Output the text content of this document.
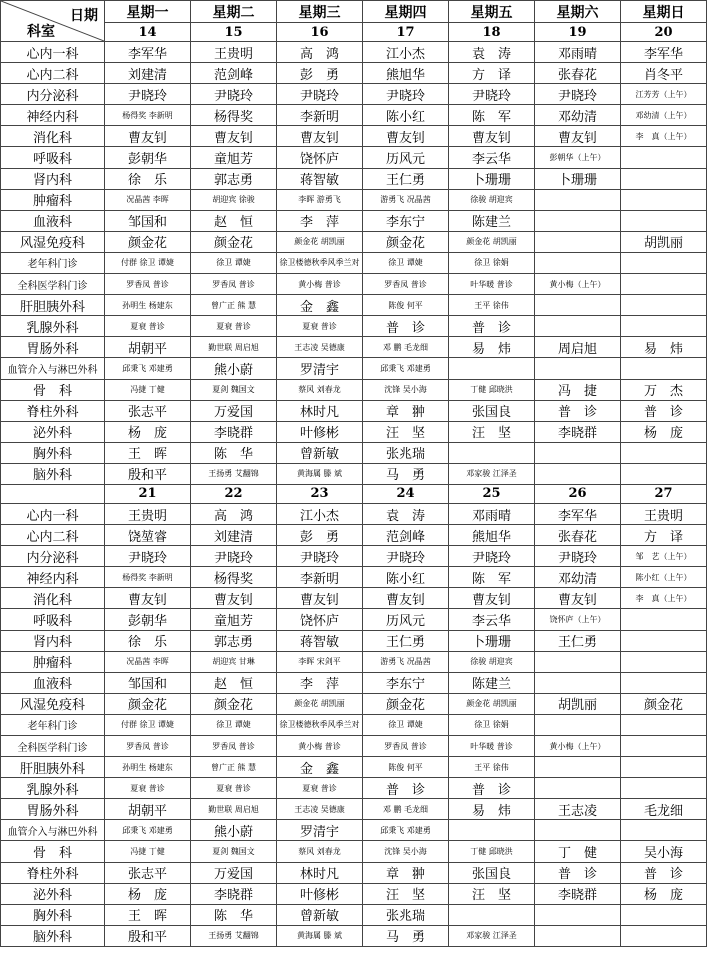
日期
科室	星期一	星期二	星期三	星期四	星期五	星期六	星期日
	14	15	16	17	18	19	20
心内一科	李军华	王贵明	高　鸿	江小杰	袁　涛	邓雨晴	李军华
心内二科	刘建清	范剑峰	彭　勇	熊旭华	方　译	张春花	肖冬平
内分泌科	尹晓玲	尹晓玲	尹晓玲	尹晓玲	尹晓玲	尹晓玲	江芳芳（上午）
神经内科	杨得奖 李新明	杨得奖	李新明	陈小红	陈　军	邓幼清	邓幼清（上午）
消化科	曹友钊	曹友钊	曹友钊	曹友钊	曹友钊	曹友钊	李　真（上午）
呼吸科	彭朝华	童旭芳	饶怀庐	历风元	李云华	彭朝华（上午）	
肾内科	徐　乐	郭志勇	蒋智敏	王仁勇	卜珊珊	卜珊珊	
肿瘤科	况晶茜 李晖	胡迎宾 徐骏	李晖 游勇飞	游勇飞 况晶茜	徐骏 胡迎宾		
血液科	邹国和	赵　恒	李　萍	李东宁	陈建兰		
风湿免疫科	颜金花	颜金花	颜金花 胡凯丽	颜金花	颜金花 胡凯丽		胡凯丽
老年科门诊	付群 徐卫 谭婕	徐卫 谭婕	徐卫楼德秋季风季兰对	徐卫 谭婕	徐卫 徐娟		
全科医学科门诊	罗香凤 普诊	罗香凤 普诊	黄小梅 普诊	罗香凤 普诊	叶华暖 普诊	黄小梅（上午）	
肝胆胰外科	孙明生 杨建东	曾广正 熊 慧	金　鑫	陈俊 何平	王平 徐伟		
乳腺外科	夏衰 普诊	夏衰 普诊	夏衰 普诊	普　诊	普　诊		
胃肠外科	胡朝平	勤世联 周启旭	王志凌 吴德康	邓 鹏 毛龙细	易　炜	周启旭	易　炜
血管介入与淋巴外科	邱秉飞 邓建勇	熊小蔚	罗清宇	邱秉飞 邓建勇			
骨　科	冯捷 丁健	夏剑 魏国文	蔡风 刘春龙	沈锋 吴小海	丁健 邱晓洪	冯　捷	万　杰
脊柱外科	张志平	万爱国	林时凡	章　翀	张国良	普　诊	普　诊
泌外科	杨　庞	李晓群	叶修彬	汪　坚	汪　坚	李晓群	杨　庞
胸外科	王　晖	陈　华	曾新敏	张兆瑞			
脑外科	殷和平	王扬勇 艾翻锦	黄海属 滕 斌	马　勇	邓家骏 江泽圣		
	21	22	23	24	25	26	27
心内一科	王贵明	高　鸿	江小杰	袁　涛	邓雨晴	李军华	王贵明
心内二科	饶堃睿	刘建清	彭　勇	范剑峰	熊旭华	张春花	方　译
内分泌科	尹晓玲	尹晓玲	尹晓玲	尹晓玲	尹晓玲	尹晓玲	邹　艺（上午）
神经内科	杨得奖 李新明	杨得奖	李新明	陈小红	陈　军	邓幼清	陈小红（上午）
消化科	曹友钊	曹友钊	曹友钊	曹友钊	曹友钊	曹友钊	李　真（上午）
呼吸科	彭朝华	童旭芳	饶怀庐	历风元	李云华	饶怀庐（上午）	
肾内科	徐　乐	郭志勇	蒋智敏	王仁勇	卜珊珊	王仁勇	
肿瘤科	况晶茜 李晖	胡迎宾 甘琳	李晖 宋剑平	游勇飞 况晶茜	徐骏 胡迎宾		
血液科	邹国和	赵　恒	李　萍	李东宁	陈建兰		
风湿免疫科	颜金花	颜金花	颜金花 胡凯丽	颜金花	颜金花 胡凯丽	胡凯丽	颜金花
老年科门诊	付群 徐卫 谭婕	徐卫 谭婕	徐卫楼德秋季风季兰对	徐卫 谭婕	徐卫 徐娟		
全科医学科门诊	罗香凤 普诊	罗香凤 普诊	黄小梅 普诊	罗香凤 普诊	叶华暖 普诊	黄小梅（上午）	
肝胆胰外科	孙明生 杨建东	曾广正 熊 慧	金　鑫	陈俊 何平	王平 徐伟		
乳腺外科	夏衰 普诊	夏衰 普诊	夏衰 普诊	普　诊	普　诊		
胃肠外科	胡朝平	勤世联 周启旭	王志凌 吴德康	邓 鹏 毛龙细	易　炜	王志凌	毛龙细
血管介入与淋巴外科	邱秉飞 邓建勇	熊小蔚	罗清宇	邱秉飞 邓建勇			
骨　科	冯捷 丁健	夏剑 魏国文	蔡风 刘春龙	沈锋 吴小海	丁健 邱晓洪	丁　健	吴小海
脊柱外科	张志平	万爱国	林时凡	章　翀	张国良	普　诊	普　诊
泌外科	杨　庞	李晓群	叶修彬	汪　坚	汪　坚	李晓群	杨　庞
胸外科	王　晖	陈　华	曾新敏	张兆瑞			
脑外科	殷和平	王扬勇 艾翻锦	黄海属 滕 斌	马　勇	邓家骏 江泽圣		
